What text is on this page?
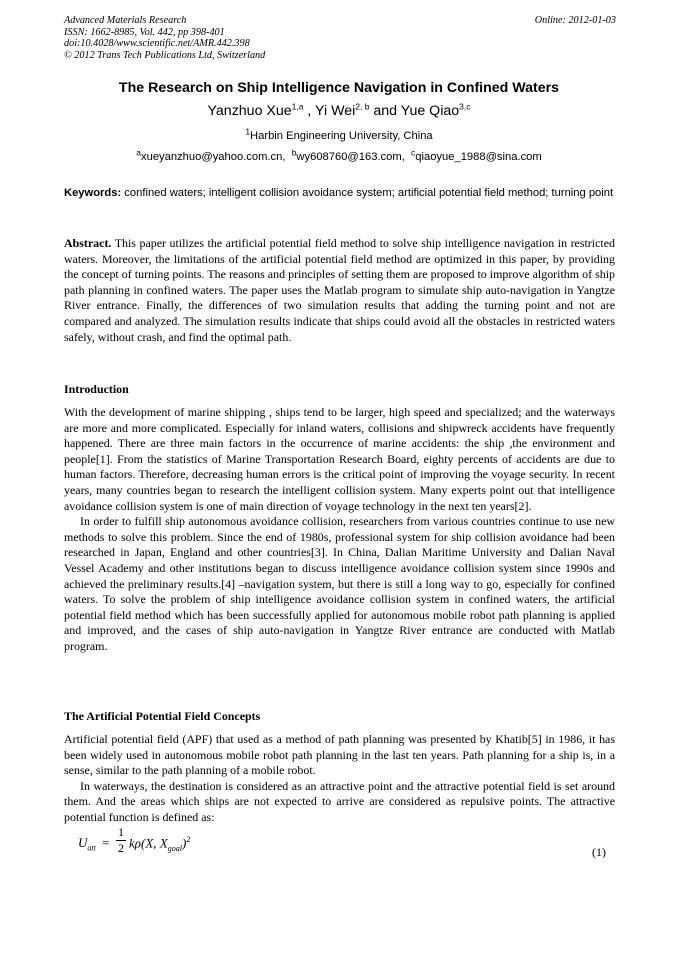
Advanced Materials Research
ISSN: 1662-8985, Vol. 442, pp 398-401
doi:10.4028/www.scientific.net/AMR.442.398
© 2012 Trans Tech Publications Ltd, Switzerland
Online: 2012-01-03
The Research on Ship Intelligence Navigation in Confined Waters
Yanzhuo Xue$^{1,a}$ , Yi Wei$^{2, b}$ and Yue Qiao$^{3,c}$
$^1$Harbin Engineering University, China
$^a$xueyanzhuo@yahoo.com.cn, $^b$wy608760@163.com, $^c$qiaoyue_1988@sina.com
Keywords: confined waters; intelligent collision avoidance system; artificial potential field method; turning point

Abstract. This paper utilizes the artificial potential field method to solve ship intelligence navigation in restricted waters. Moreover, the limitations of the artificial potential field method are optimized in this paper, by providing the concept of turning points. The reasons and principles of setting them are proposed to improve algorithm of ship path planning in confined waters. The paper uses the Matlab program to simulate ship auto-navigation in Yangtze River entrance. Finally, the differences of two simulation results that adding the turning point and not are compared and analyzed. The simulation results indicate that ships could avoid all the obstacles in restricted waters safely, without crash, and find the optimal path.

Introduction

With the development of marine shipping , ships tend to be larger, high speed and specialized; and the waterways are more and more complicated. Especially for inland waters, collisions and shipwreck accidents have frequently happened. There are three main factors in the occurrence of marine accidents: the ship ,the environment and people[1]. From the statistics of Marine Transportation Research Board, eighty percents of accidents are due to human factors. Therefore, decreasing human errors is the critical point of improving the voyage security. In recent years, many countries began to research the intelligent collision system. Many experts point out that intelligence avoidance collision system is one of main direction of voyage technology in the next ten years[2].

In order to fulfill ship autonomous avoidance collision, researchers from various countries continue to use new methods to solve this problem. Since the end of 1980s, professional system for ship collision avoidance had been researched in Japan, England and other countries[3]. In China, Dalian Maritime University and Dalian Naval Vessel Academy and other institutions began to discuss intelligence avoidance collision system since 1990s and achieved the preliminary results.[4] –navigation system, but there is still a long way to go, especially for confined waters. To solve the problem of ship intelligence avoidance collision system in confined waters, the artificial potential field method which has been successfully applied for autonomous mobile robot path planning is applied and improved, and the cases of ship auto-navigation in Yangtze River entrance are conducted with Matlab program.

The Artificial Potential Field Concepts

Artificial potential field (APF) that used as a method of path planning was presented by Khatib[5] in 1986, it has been widely used in autonomous mobile robot path planning in the last ten years. Path planning for a ship is, in a sense, similar to the path planning of a mobile robot.

In waterways, the destination is considered as an attractive point and the attractive potential field is set around them. And the areas which ships are not expected to arrive are considered as repulsive points. The attractive potential function is defined as:

$U_{att}$ =
1
2 kρ(X, $X_{goal})^2$
(1)
